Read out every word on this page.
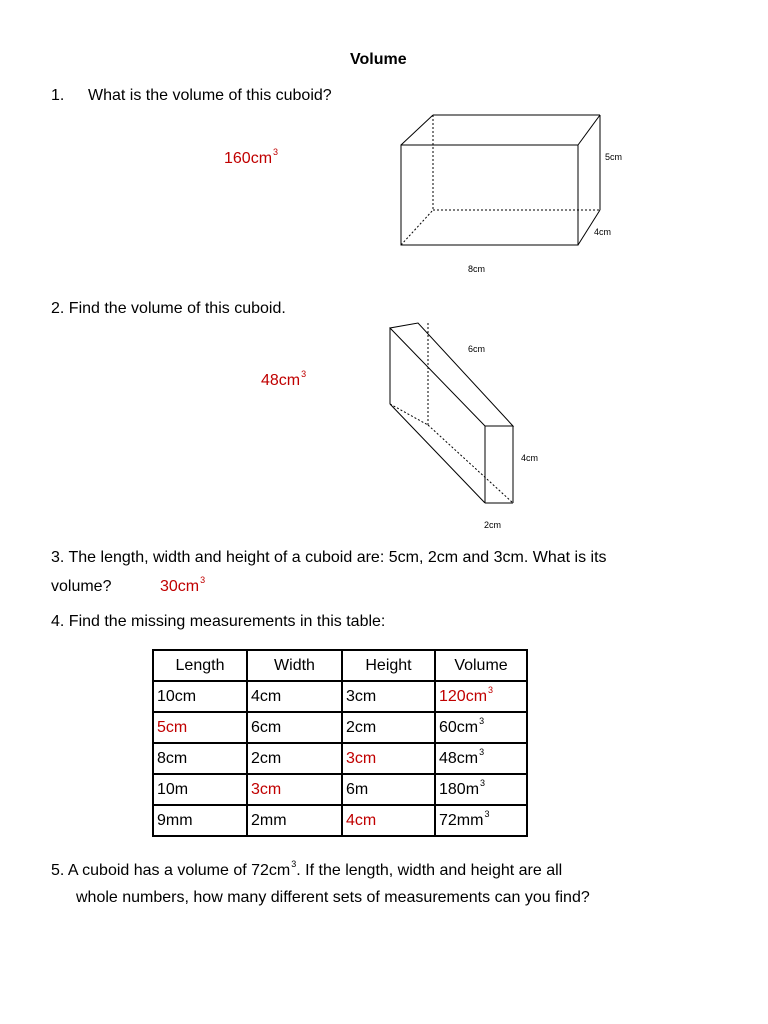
Volume
1. What is the volume of this cuboid?
$160cm^3$	5cm
4cm
8cm
2. Find the volume of this cuboid.
$48cm^3$
6cm
4cm
2cm
3. The length, width and height of a cuboid are: 5cm, 2cm and 3cm. What is its
volume?	$30cm^3$
4. Find the missing measurements in this table:
Length	Width	Height	Volume
10cm	4cm	3cm	$120cm^3$
5cm	6cm	2cm	$60cm^3$
8cm	2cm	3cm	$48cm^3$
10m	3cm	6m	$180m^3$
9mm	2mm	4cm	$72mm^3$
5. A cuboid has a volume of $72cm^3$. If the length, width and height are all
whole numbers, how many different sets of measurements can you find?
